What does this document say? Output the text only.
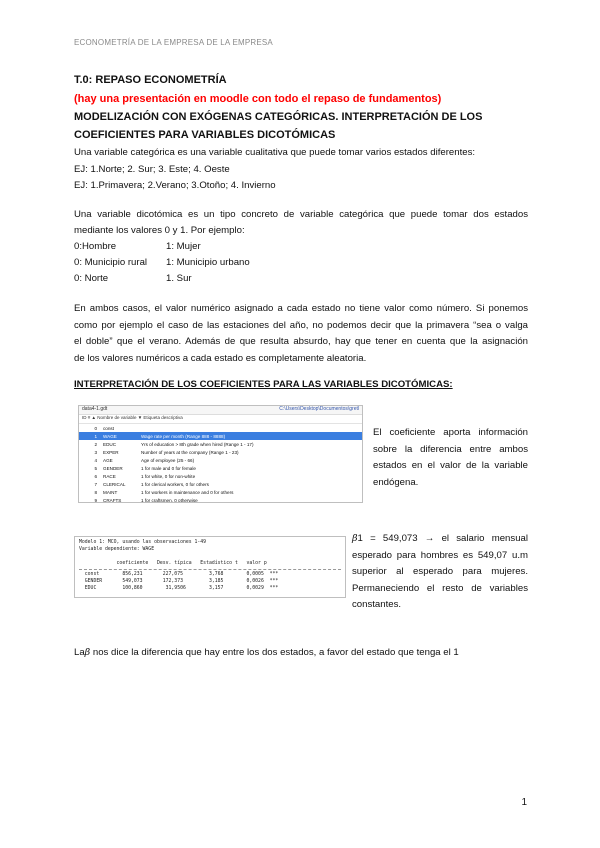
ECONOMETRÍA DE LA EMPRESA DE LA EMPRESA
T.0: REPASO ECONOMETRÍA
(hay una presentación en moodle con todo el repaso de fundamentos)
MODELIZACIÓN CON EXÓGENAS CATEGÓRICAS. INTERPRETACIÓN DE LOS
COEFICIENTES PARA VARIABLES DICOTÓMICAS
Una variable categórica es una variable cualitativa que puede tomar varios estados diferentes:
EJ: 1.Norte; 2. Sur; 3. Este; 4. Oeste
EJ: 1.Primavera; 2.Verano; 3.Otoño; 4. Invierno
Una variable dicotómica es un tipo concreto de variable categórica que puede tomar dos estados
mediante los valores 0 y 1. Por ejemplo:
0:Hombre	1: Mujer
0: Municipio rural 1: Municipio urbano
0: Norte	1. Sur
En ambos casos, el valor numérico asignado a cada estado no tiene valor como número. Si ponemos
como por ejemplo el caso de las estaciones del año, no podemos decir que la primavera “sea o valga
el doble” que el verano. Además de que resulta absurdo, hay que tener en cuenta que la asignación
de los valores numéricos a cada estado es completamente aleatoria.
INTERPRETACIÓN DE LOS COEFICIENTES PARA LAS VARIABLES DICOTÓMICAS:
data4-1.gdt	C:\Users\Desktop\Documentos\gretl
ID # ▲ Nombre de variable ▼ Etiqueta descriptiva
0	const
1	WAGE	Wage rate per month (Range 888 - 8888)
2	EDUC	Yrs of education > 8th grade when hired (Range 1 - 17)
3	EXPER	Number of years at the company (Range 1 - 23)
4	AGE	Age of employee (25 - 66)
5	GENDER	1 for male and 0 for female
6	RACE	1 for white, 0 for non-white
7	CLERICAL	1 for clerical workers, 0 for others
8	MAINT	1 for workers in maintenance and 0 for others
9	CRAFTS	1 for craftsmen, 0 otherwise
El coeficiente aporta información
sobre la diferencia entre ambos
estados en el valor de la variable
endógena.
Modelo 1: MCO, usando las observaciones 1-49
Variable dependiente: WAGE
coeficiente   Desv. típica   Estadístico t   valor p
const        856,231       227,075         3,768        0,0005  ***
GENDER       549,073       172,373         3,185        0,0026  ***
EDUC         100,860        31,9506        3,157        0,0029  ***
β1 = 549,073 → el salario mensual
esperado para hombres es 549,07 u.m
superior al esperado para mujeres.
Permaneciendo el resto de variables
constantes.
Laβ nos dice la diferencia que hay entre los dos estados, a favor del estado que tenga el 1
1
